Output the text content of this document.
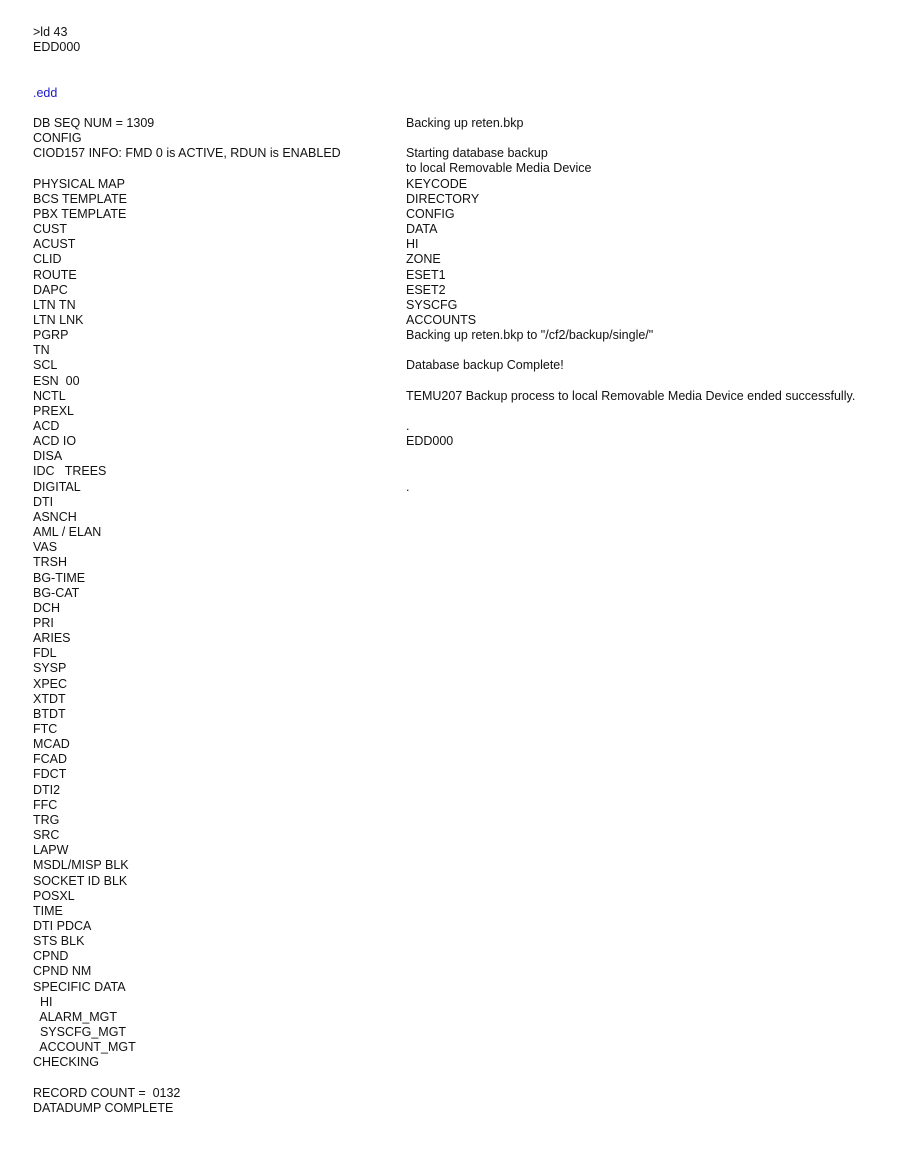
>ld 43
EDD000
.edd
DB SEQ NUM = 1309
CONFIG
CIOD157 INFO: FMD 0 is ACTIVE, RDUN is ENABLED
PHYSICAL MAP
BCS TEMPLATE
PBX TEMPLATE
CUST
ACUST
CLID
ROUTE
DAPC
LTN TN
LTN LNK
PGRP
TN
SCL
ESN  00
NCTL
PREXL
ACD
ACD IO
DISA
IDC   TREES
DIGITAL
DTI
ASNCH
AML / ELAN
VAS
TRSH
BG-TIME
BG-CAT
DCH
PRI
ARIES
FDL
SYSP
XPEC
XTDT
BTDT
FTC
MCAD
FCAD
FDCT
DTI2
FFC
TRG
SRC
LAPW
MSDL/MISP BLK
SOCKET ID BLK
POSXL
TIME
DTI PDCA
STS BLK
CPND
CPND NM
SPECIFIC DATA
HI
ALARM_MGT
SYSCFG_MGT
ACCOUNT_MGT
CHECKING
RECORD COUNT =  0132
DATADUMP COMPLETE
Backing up reten.bkp
Starting database backup
to local Removable Media Device
KEYCODE
DIRECTORY
CONFIG
DATA
HI
ZONE
ESET1
ESET2
SYSCFG
ACCOUNTS
Backing up reten.bkp to "/cf2/backup/single/"
Database backup Complete!
TEMU207 Backup process to local Removable Media Device ended successfully.
.
EDD000
.
